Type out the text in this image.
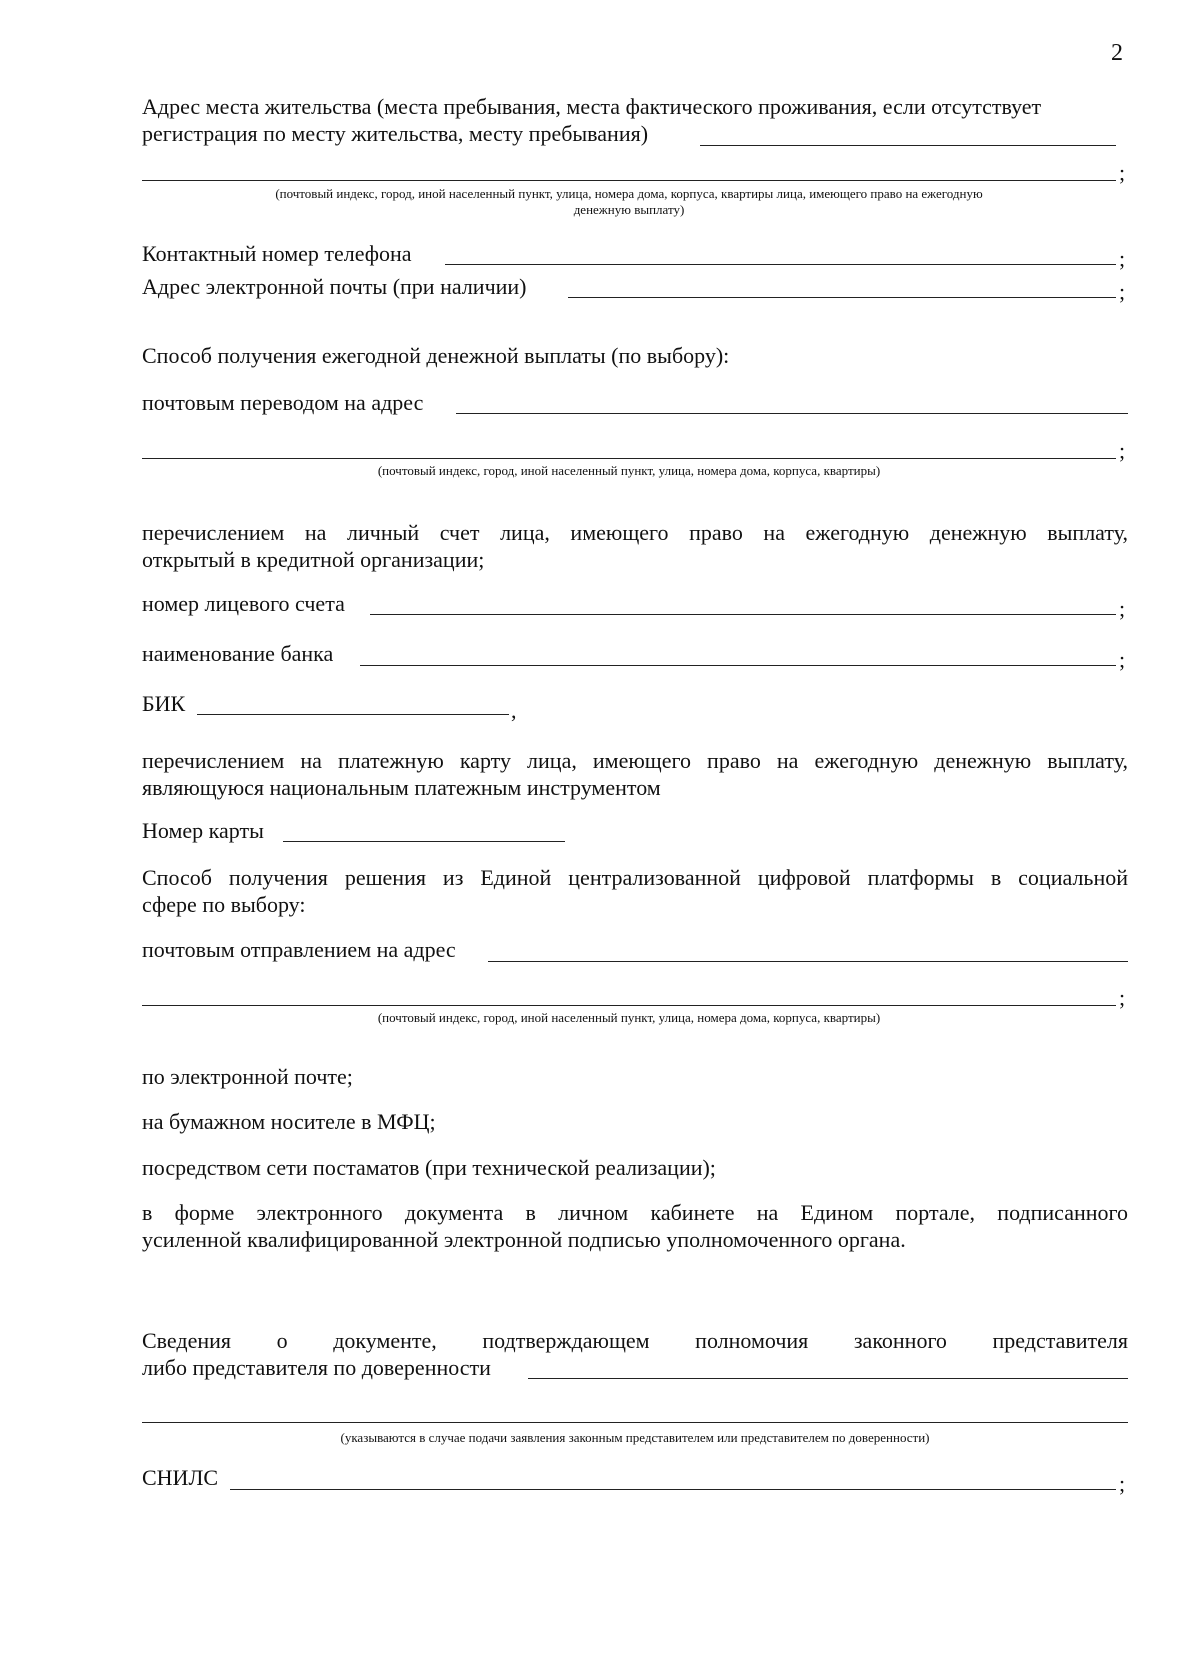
2
Адрес места жительства (места пребывания, места фактического проживания, если отсутствует
регистрация по месту жительства, месту пребывания)
;
(почтовый индекс, город, иной населенный пункт, улица, номера дома, корпуса, квартиры лица, имеющего право на ежегодную
денежную выплату)
Контактный номер телефона	;
Адрес электронной почты (при наличии)	;
Способ получения ежегодной денежной выплаты (по выбору):
почтовым переводом на адрес
;
(почтовый индекс, город, иной населенный пункт, улица, номера дома, корпуса, квартиры)
перечислением на личный счет лица, имеющего право на ежегодную денежную выплату,
открытый в кредитной организации;
номер лицевого счета	;
наименование банка	;
БИК	,
перечислением на платежную карту лица, имеющего право на ежегодную денежную выплату,
являющуюся национальным платежным инструментом
Номер карты
Способ получения решения из Единой централизованной цифровой платформы в социальной
сфере по выбору:
почтовым отправлением на адрес
;
(почтовый индекс, город, иной населенный пункт, улица, номера дома, корпуса, квартиры)
по электронной почте;
на бумажном носителе в МФЦ;
посредством сети постаматов (при технической реализации);
в форме электронного документа в личном кабинете на Едином портале, подписанного
усиленной квалифицированной электронной подписью уполномоченного органа.
Сведения о документе, подтверждающем полномочия законного представителя
либо представителя по доверенности
(указываются в случае подачи заявления законным представителем или представителем по доверенности)
СНИЛС	;
